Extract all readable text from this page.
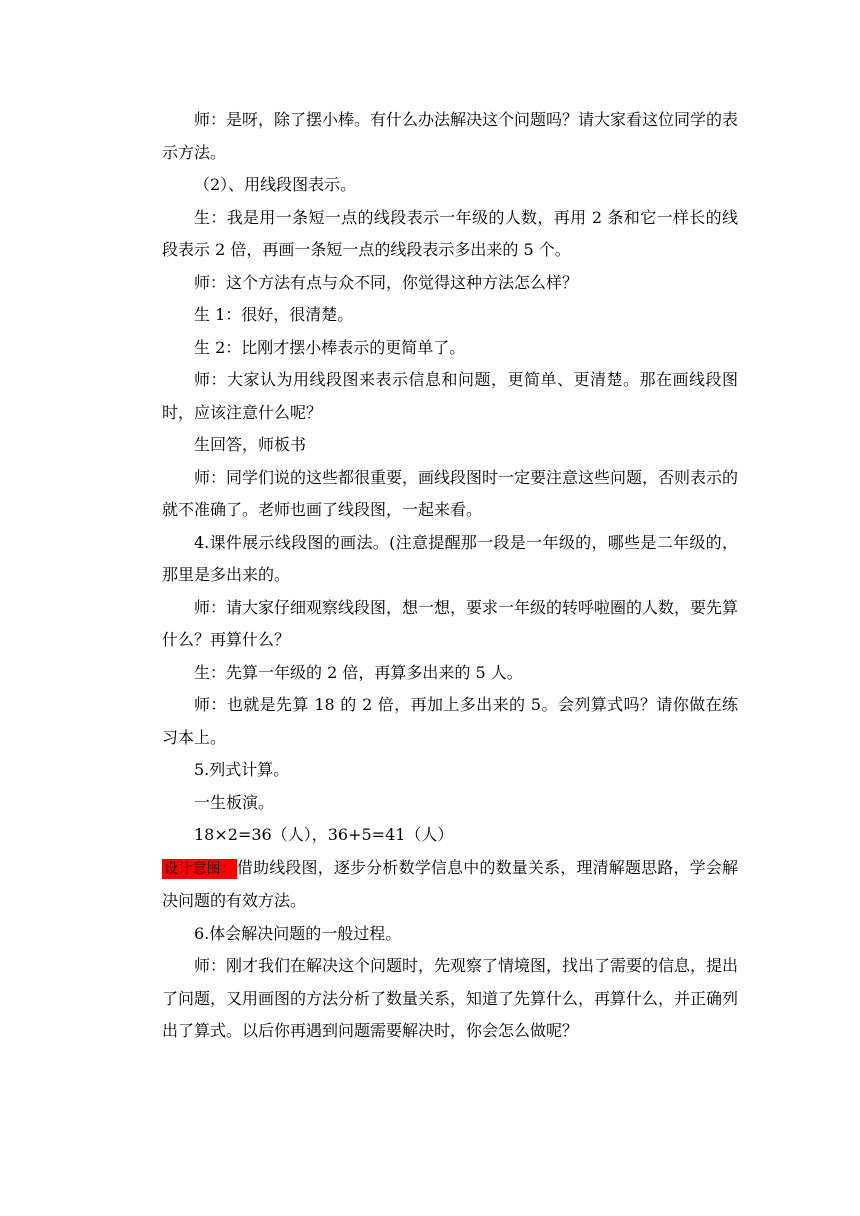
师：是呀，除了摆小棒。有什么办法解决这个问题吗？请大家看这位同学的表示方法。

（2）、用线段图表示。

生：我是用一条短一点的线段表示一年级的人数，再用 2 条和它一样长的线段表示 2 倍，再画一条短一点的线段表示多出来的 5 个。

师：这个方法有点与众不同，你觉得这种方法怎么样？

生 1：很好，很清楚。

生 2：比刚才摆小棒表示的更简单了。

师：大家认为用线段图来表示信息和问题，更简单、更清楚。那在画线段图时，应该注意什么呢？

生回答，师板书

师：同学们说的这些都很重要，画线段图时一定要注意这些问题，否则表示的就不准确了。老师也画了线段图，一起来看。

4.课件展示线段图的画法。(注意提醒那一段是一年级的，哪些是二年级的，那里是多出来的。

师：请大家仔细观察线段图，想一想，要求一年级的转呼啦圈的人数，要先算什么？再算什么？

生：先算一年级的 2 倍，再算多出来的 5 人。

师：也就是先算 18 的 2 倍，再加上多出来的 5。会列算式吗？请你做在练习本上。

5.列式计算。

一生板演。

18×2=36（人），36+5=41（人）

设计意图： 借助线段图，逐步分析数学信息中的数量关系，理清解题思路，学会解决问题的有效方法。

6.体会解决问题的一般过程。

师：刚才我们在解决这个问题时，先观察了情境图，找出了需要的信息，提出了问题，又用画图的方法分析了数量关系，知道了先算什么，再算什么，并正确列出了算式。以后你再遇到问题需要解决时，你会怎么做呢？
